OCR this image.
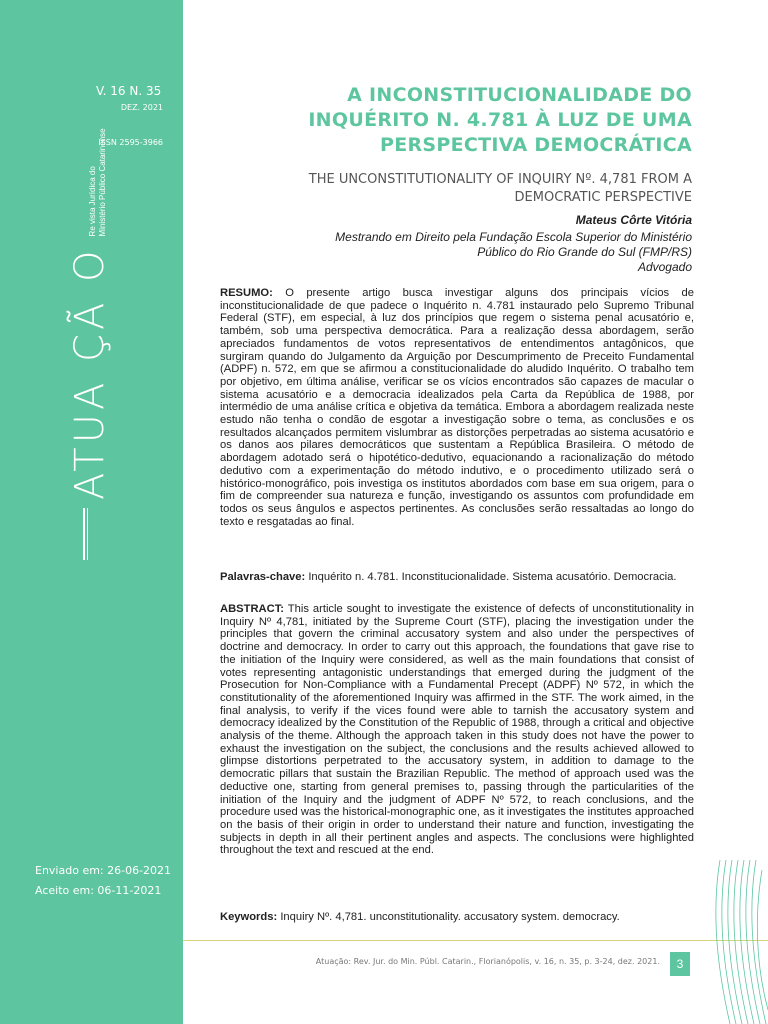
V. 16 N. 35
DEZ. 2021
ISSN 2595-3966
ATUA ÇÃ O
Re vista Jurídica do
Ministério Público Catarinense
Enviado em: 26-06-2021
Aceito em: 06-11-2021
A INCONSTITUCIONALIDADE DO INQUÉRITO N. 4.781 À LUZ DE UMA PERSPECTIVA DEMOCRÁTICA
THE UNCONSTITUTIONALITY OF INQUIRY Nº. 4,781 FROM A DEMOCRATIC PERSPECTIVE
Mateus Côrte Vitória
Mestrando em Direito pela Fundação Escola Superior do Ministério
Público do Rio Grande do Sul (FMP/RS)
Advogado
RESUMO: O presente artigo busca investigar alguns dos principais vícios de inconstitucionalidade de que padece o Inquérito n. 4.781 instaurado pelo Supremo Tribunal Federal (STF), em especial, à luz dos princípios que regem o sistema penal acusatório e, também, sob uma perspectiva democrática. Para a realização dessa abordagem, serão apreciados fundamentos de votos representativos de entendimentos antagônicos, que surgiram quando do Julgamento da Arguição por Descumprimento de Preceito Fundamental (ADPF) n. 572, em que se afirmou a constitucionalidade do aludido Inquérito. O trabalho tem por objetivo, em última análise, verificar se os vícios encontrados são capazes de macular o sistema acusatório e a democracia idealizados pela Carta da República de 1988, por intermédio de uma análise crítica e objetiva da temática. Embora a abordagem realizada neste estudo não tenha o condão de esgotar a investigação sobre o tema, as conclusões e os resultados alcançados permitem vislumbrar as distorções perpetradas ao sistema acusatório e os danos aos pilares democráticos que sustentam a República Brasileira. O método de abordagem adotado será o hipotético-dedutivo, equacionando a racionalização do método dedutivo com a experimentação do método indutivo, e o procedimento utilizado será o histórico-monográfico, pois investiga os institutos abordados com base em sua origem, para o fim de compreender sua natureza e função, investigando os assuntos com profundidade em todos os seus ângulos e aspectos pertinentes. As conclusões serão ressaltadas ao longo do texto e resgatadas ao final.
Palavras-chave: Inquérito n. 4.781. Inconstitucionalidade. Sistema acusatório. Democracia.
ABSTRACT: This article sought to investigate the existence of defects of unconstitutionality in Inquiry Nº 4,781, initiated by the Supreme Court (STF), placing the investigation under the principles that govern the criminal accusatory system and also under the perspectives of doctrine and democracy. In order to carry out this approach, the foundations that gave rise to the initiation of the Inquiry were considered, as well as the main foundations that consist of votes representing antagonistic understandings that emerged during the judgment of the Prosecution for Non-Compliance with a Fundamental Precept (ADPF) Nº 572, in which the constitutionality of the aforementioned Inquiry was affirmed in the STF. The work aimed, in the final analysis, to verify if the vices found were able to tarnish the accusatory system and democracy idealized by the Constitution of the Republic of 1988, through a critical and objective analysis of the theme. Although the approach taken in this study does not have the power to exhaust the investigation on the subject, the conclusions and the results achieved allowed to glimpse distortions perpetrated to the accusatory system, in addition to damage to the democratic pillars that sustain the Brazilian Republic. The method of approach used was the deductive one, starting from general premises to, passing through the particularities of the initiation of the Inquiry and the judgment of ADPF Nº 572, to reach conclusions, and the procedure used was the historical-monographic one, as it investigates the institutes approached on the basis of their origin in order to understand their nature and function, investigating the subjects in depth in all their pertinent angles and aspects. The conclusions were highlighted throughout the text and rescued at the end.
Keywords: Inquiry Nº. 4,781. unconstitutionality. accusatory system. democracy.
Atuação: Rev. Jur. do Min. Públ. Catarin., Florianópolis, v. 16, n. 35, p. 3-24, dez. 2021.	3
